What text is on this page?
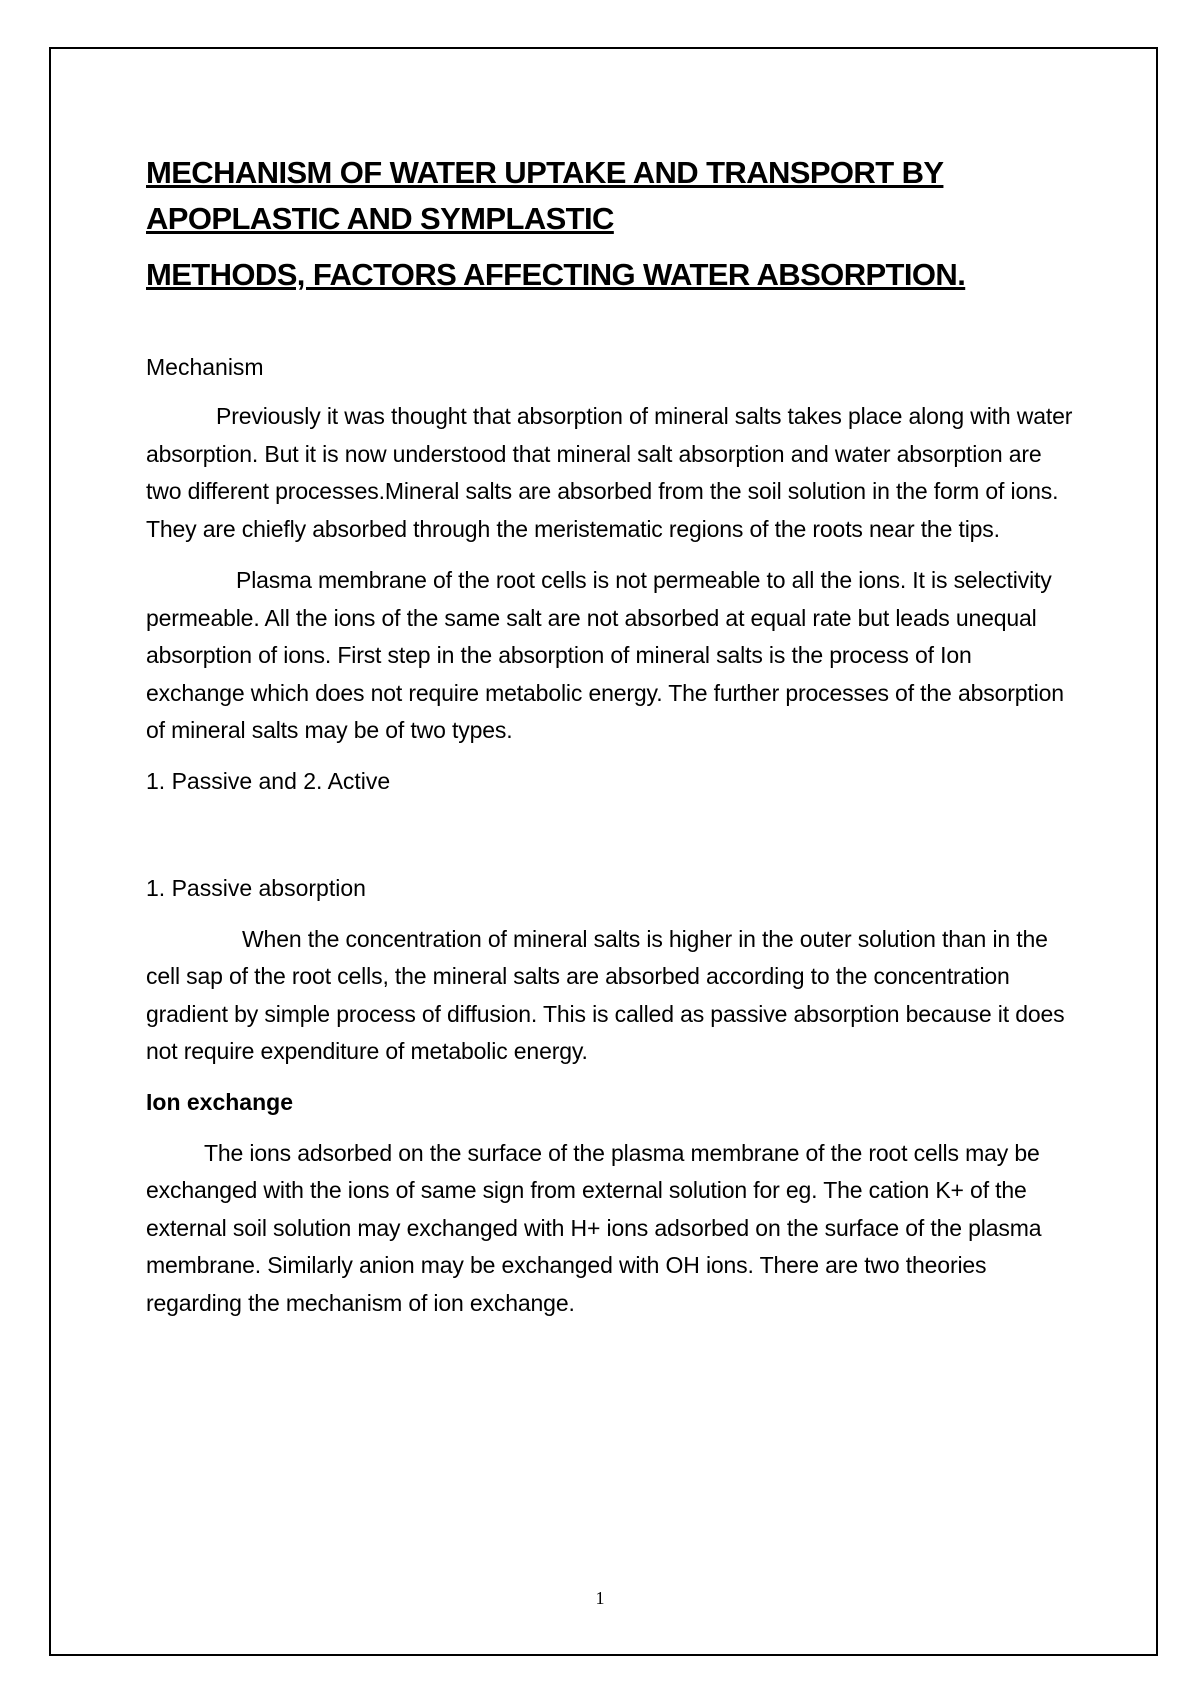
MECHANISM OF WATER UPTAKE AND TRANSPORT BY

APOPLASTIC AND SYMPLASTIC

METHODS, FACTORS AFFECTING WATER ABSORPTION.

Mechanism

Previously it was thought that absorption of mineral salts takes place along with water absorption. But it is now understood that mineral salt absorption and water absorption are two different processes.Mineral salts are absorbed from the soil solution in the form of ions. They are chiefly absorbed through the meristematic regions of the roots near the tips.

Plasma membrane of the root cells is not permeable to all the ions. It is selectivity permeable. All the ions of the same salt are not absorbed at equal rate but leads unequal absorption of ions. First step in the absorption of mineral salts is the process of Ion exchange which does not require metabolic energy. The further processes of the absorption of mineral salts may be of two types.

1. Passive and 2. Active

1. Passive absorption

When the concentration of mineral salts is higher in the outer solution than in the cell sap of the root cells, the mineral salts are absorbed according to the concentration gradient by simple process of diffusion. This is called as passive absorption because it does not require expenditure of metabolic energy.

Ion exchange

The ions adsorbed on the surface of the plasma membrane of the root cells may be exchanged with the ions of same sign from external solution for eg. The cation K+ of the external soil solution may exchanged with H+ ions adsorbed on the surface of the plasma membrane. Similarly anion may be exchanged with OH ions. There are two theories regarding the mechanism of ion exchange.

1
